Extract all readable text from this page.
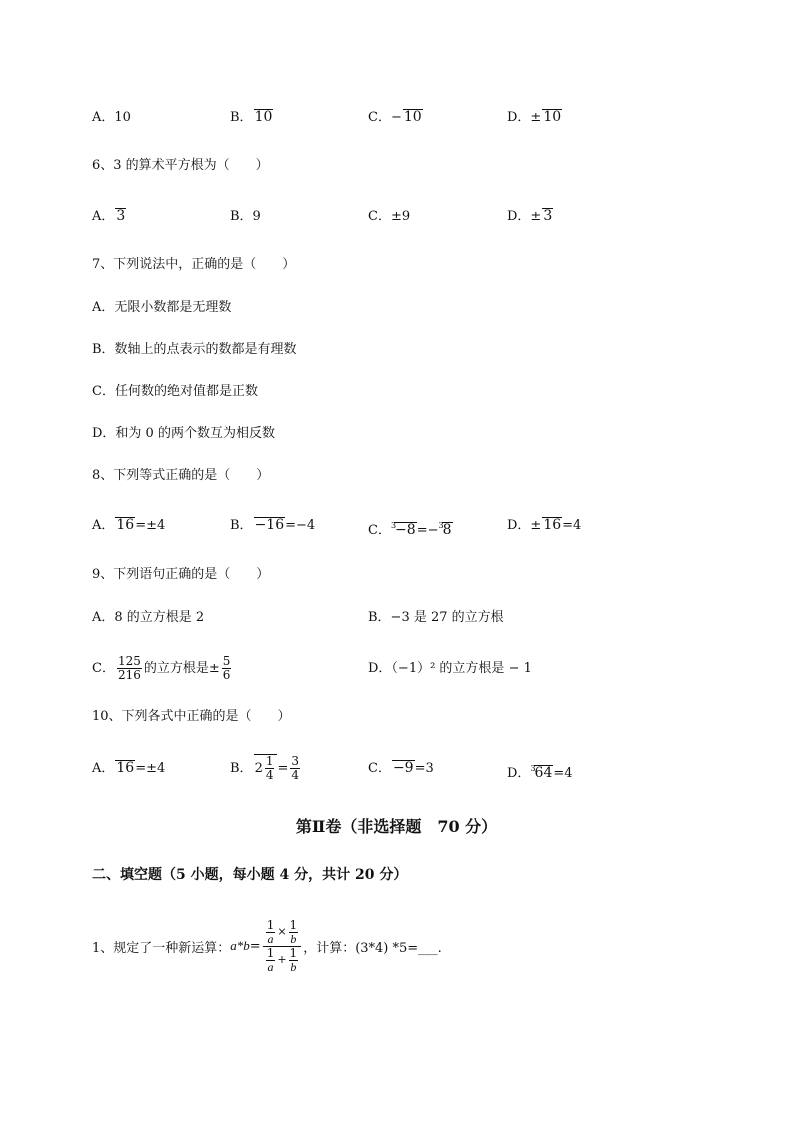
A．10	B． 10	C．− 10	D．± 10
6、3 的算术平方根为（　　）
A． 3	B．9	C．±9	D．± 3
7、下列说法中，正确的是（　　）
A．无限小数都是无理数
B．数轴上的点表示的数都是有理数
C．任何数的绝对值都是正数
D．和为 0 的两个数互为相反数
8、下列等式正确的是（　　）
A． 16=±4	B． −16=−4	C．$^3$−8=−$^3$8	D．± 16=4
9、下列语句正确的是（　　）
A．8 的立方根是 2	B．−3 是 27 的立方根
C． $\frac{125}{216}$ 的立方根是± $\frac{5}{6}$	D．（−1）² 的立方根是 − 1
10、下列各式中正确的是（　　）
A． 16=±4	B． $2 \frac{1}{4} = \frac{3}{4}$	C． −9=3	D．$^3$64=4
第Ⅱ卷（非选择题　70 分）
二、填空题（5 小题，每小题 4 分，共计 20 分）
1、规定了一种新运算： $a*b = \frac{\frac{1}{a} \times \frac{1}{b}}{\frac{1}{a} + \frac{1}{b}}$ ，计算：(3*4) *5=___.
